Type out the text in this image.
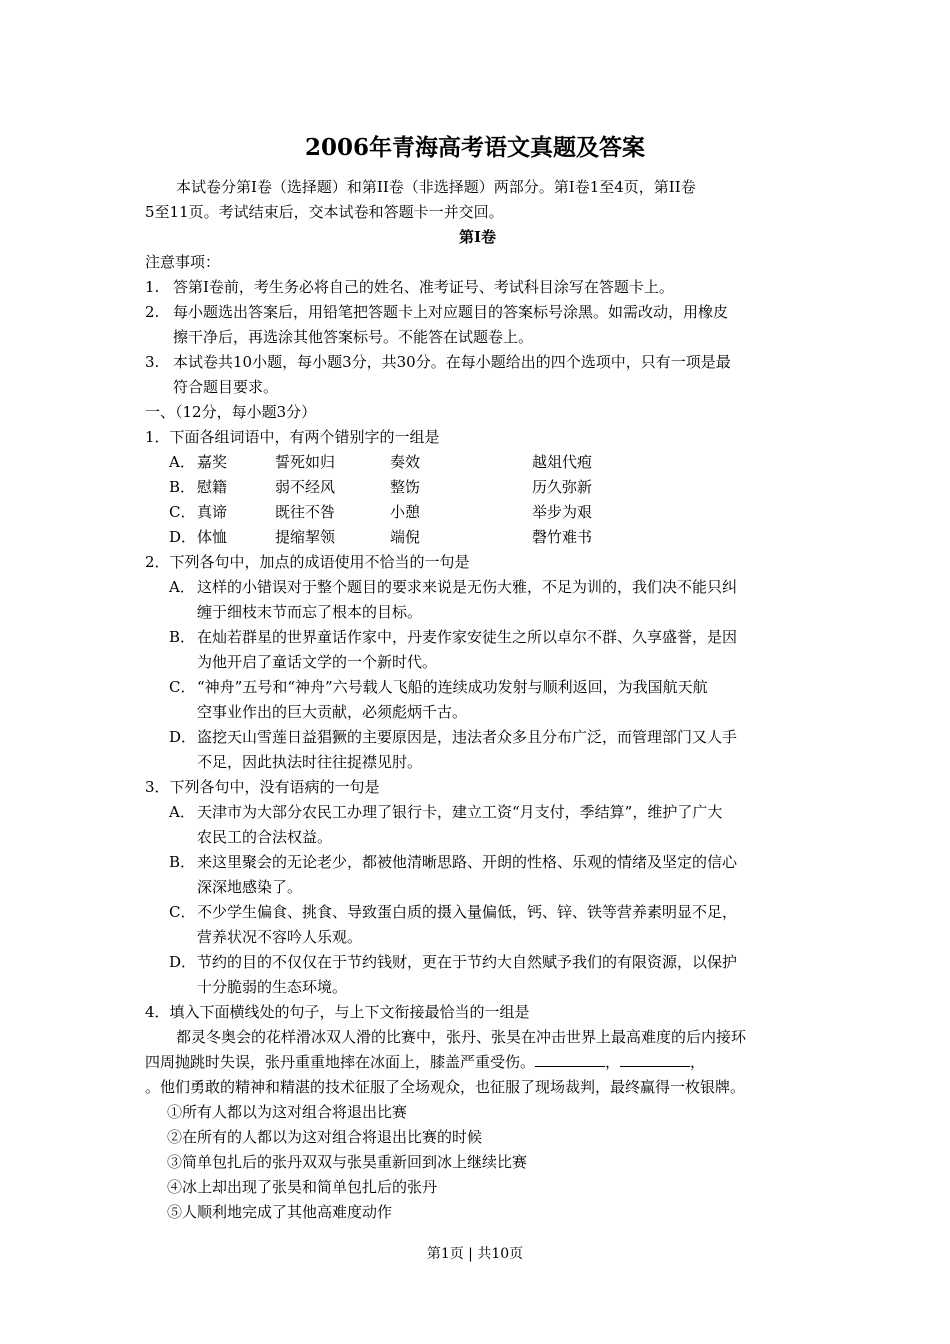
2006年青海高考语文真题及答案
本试卷分第Ⅰ卷（选择题）和第ⅠⅠ卷（非选择题）两部分。第Ⅰ卷1至4页，第ⅠⅠ卷
5至11页。考试结束后，交本试卷和答题卡一并交回。
第Ⅰ卷
注意事项：
1. 答第Ⅰ卷前，考生务必将自己的姓名、准考证号、考试科目涂写在答题卡上。
2. 每小题选出答案后，用铅笔把答题卡上对应题目的答案标号涂黑。如需改动，用橡皮
擦干净后，再选涂其他答案标号。不能答在试题卷上。
3. 本试卷共10小题，每小题3分，共30分。在每小题给出的四个选项中，只有一项是最
符合题目要求。
一、（12分，每小题3分）
1．下面各组词语中，有两个错别字的一组是
A． 嘉奖	誓死如归	奏效	越俎代疱
B． 慰籍	弱不经风	整饬	历久弥新
C． 真谛	既往不咎	小憩	举步为艰
D． 体恤	提缩挈领	端倪	磬竹难书
2．下列各句中，加点的成语使用不恰当的一句是
A． 这样的小错误对于整个题目的要求来说是无伤大雅，不足为训的，我们决不能只纠
缠于细枝末节而忘了根本的目标。
B． 在灿若群星的世界童话作家中，丹麦作家安徒生之所以卓尔不群、久享盛誉，是因
为他开启了童话文学的一个新时代。
C． “神舟”五号和“神舟”六号载人飞船的连续成功发射与顺利返回，为我国航天航
空事业作出的巨大贡献，必须彪炳千古。
D．盗挖天山雪莲日益猖獗的主要原因是，违法者众多且分布广泛，而管理部门又人手
不足，因此执法时往往捉襟见肘。
3．下列各句中，没有语病的一句是
A． 天津市为大部分农民工办理了银行卡，建立工资“月支付，季结算”，维护了广大
农民工的合法权益。
B． 来这里聚会的无论老少，都被他清晰思路、开朗的性格、乐观的情绪及坚定的信心
深深地感染了。
C． 不少学生偏食、挑食、导致蛋白质的摄入量偏低，钙、锌、铁等营养素明显不足，
营养状况不容吟人乐观。
D．节约的目的不仅仅在于节约钱财，更在于节约大自然赋予我们的有限资源，以保护
十分脆弱的生态环境。
4．填入下面横线处的句子，与上下文衔接最恰当的一组是
都灵冬奥会的花样滑冰双人滑的比赛中，张丹、张昊在冲击世界上最高难度的后内接环
四周抛跳时失误，张丹重重地摔在冰面上，膝盖严重受伤。	，	，
。他们勇敢的精神和精湛的技术征服了全场观众，也征服了现场裁判，最终赢得一枚银牌。
①所有人都以为这对组合将退出比赛
②在所有的人都以为这对组合将退出比赛的时候
③简单包扎后的张丹双双与张昊重新回到冰上继续比赛
④冰上却出现了张昊和简单包扎后的张丹
⑤人顺利地完成了其他高难度动作
第1页 | 共10页
